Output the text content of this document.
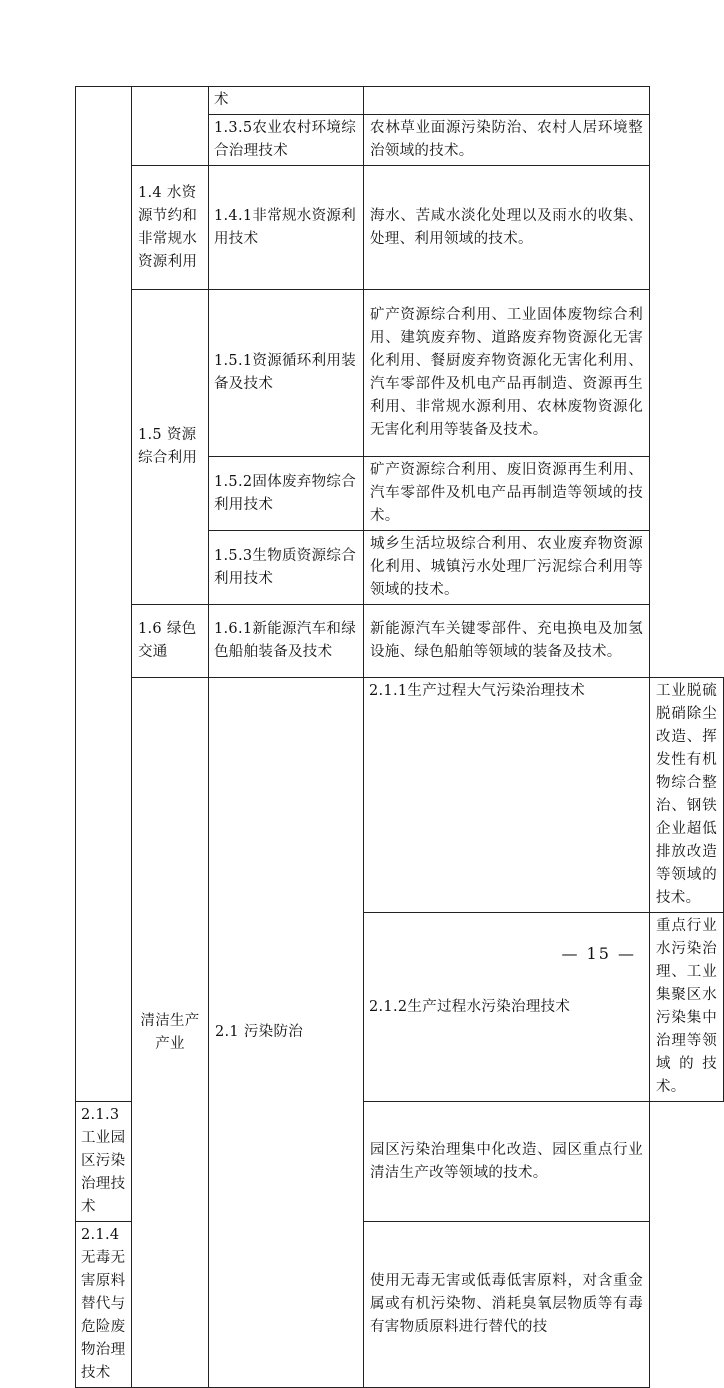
		术		
		1.3.5农业农村环境综合治理技术	农林草业面源污染防治、农村人居环境整治领域的技术。	
	1.4 水资源节约和非常规水资源利用	1.4.1非常规水资源利用技术	海水、苦咸水淡化处理以及雨水的收集、处理、利用领域的技术。	
	1.5 资源综合利用	1.5.1资源循环利用装备及技术	矿产资源综合利用、工业固体废物综合利用、建筑废弃物、道路废弃物资源化无害化利用、餐厨废弃物资源化无害化利用、汽车零部件及机电产品再制造、资源再生利用、非常规水源利用、农林废物资源化无害化利用等装备及技术。	
		1.5.2固体废弃物综合利用技术	矿产资源综合利用、废旧资源再生利用、汽车零部件及机电产品再制造等领域的技术。	
		1.5.3生物质资源综合利用技术	城乡生活垃圾综合利用、农业废弃物资源化利用、城镇污水处理厂污泥综合利用等领域的技术。	
	1.6 绿色交通	1.6.1新能源汽车和绿色船舶装备及技术	新能源汽车关键零部件、充电换电及加氢设施、绿色船舶等领域的装备及技术。	
	清洁生产产业	2.1 污染防治	2.1.1生产过程大气污染治理技术	工业脱硫脱硝除尘改造、挥发性有机物综合整治、钢铁企业超低排放改造等领域的技术。
			2.1.2生产过程水污染治理技术	重点行业水污染治理、工业集聚区水污染集中治理等领域的技术。
2.1.3工业园区污染治理技术			园区污染治理集中化改造、园区重点行业清洁生产改等领域的技术。	
2.1.4无毒无害原料替代与危险废物治理技术			使用无毒无害或低毒低害原料，对含重金属或有机污染物、消耗臭氧层物质等有毒有害物质原料进行替代的技	
— 15 —
